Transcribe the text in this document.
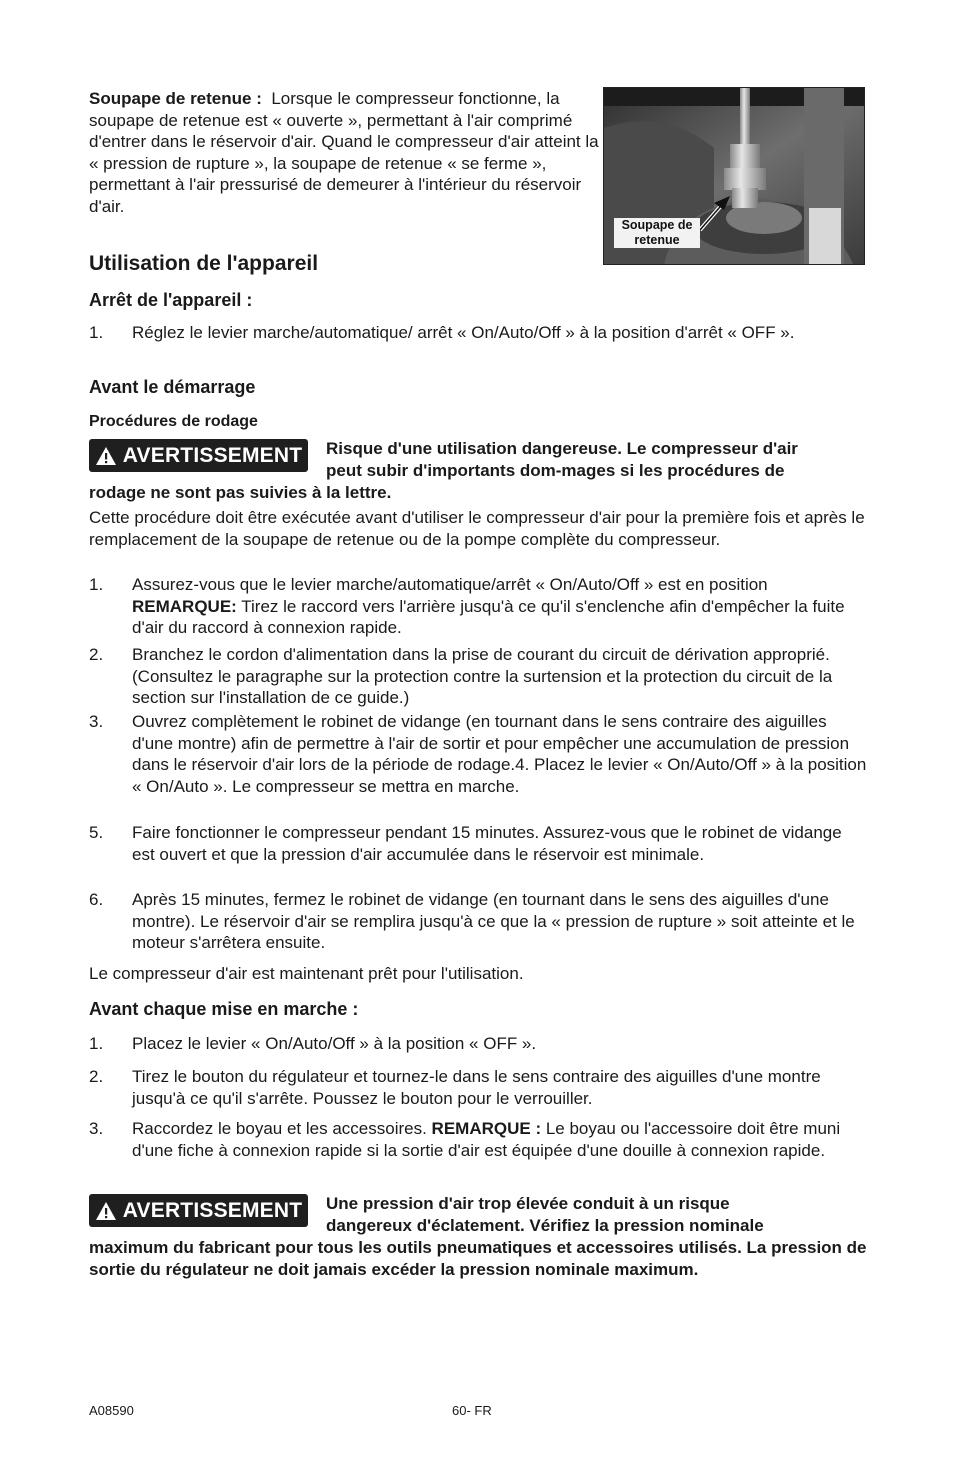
Soupape de retenue : Lorsque le compresseur fonctionne, la soupape de retenue est « ouverte », permettant à l'air comprimé d'entrer dans le réservoir d'air. Quand le compresseur d'air atteint la « pression de rupture », la soupape de retenue « se ferme », permettant à l'air pressurisé de demeurer à l'intérieur du réservoir d'air.

Soupape de retenue
Utilisation de l'appareil
Arrêt de l'appareil :
1.	Réglez le levier marche/automatique/ arrêt « On/Auto/Off » à la position d'arrêt « OFF ».

Avant le démarrage
Procédures de rodage
AVERTISSEMENT Risque d'une utilisation dangereuse. Le compresseur d'air

peut subir d'importants dom-mages si les procédures de

rodage ne sont pas suivies à la lettre.

Cette procédure doit être exécutée avant d'utiliser le compresseur d'air pour la première fois et après le remplacement de la soupape de retenue ou de la pompe complète du compresseur.

1.	Assurez-vous que le levier marche/automatique/arrêt « On/Auto/Off » est en position REMARQUE: Tirez le raccord vers l'arrière jusqu'à ce qu'il s'enclenche afin d'empêcher la fuite d'air du raccord à connexion rapide.

2.	Branchez le cordon d'alimentation dans la prise de courant du circuit de dérivation approprié. (Consultez le paragraphe sur la protection contre la surtension et la protection du circuit de la section sur l'installation de ce guide.)

3.	Ouvrez complètement le robinet de vidange (en tournant dans le sens contraire des aiguilles d'une montre) afin de permettre à l'air de sortir et pour empêcher une accumulation de pression dans le réservoir d'air lors de la période de rodage.4. Placez le levier « On/Auto/Off » à la position « On/Auto ». Le compresseur se mettra en marche.

5.	Faire fonctionner le compresseur pendant 15 minutes. Assurez-vous que le robinet de vidange est ouvert et que la pression d'air accumulée dans le réservoir est minimale.

6.	Après 15 minutes, fermez le robinet de vidange (en tournant dans le sens des aiguilles d'une montre). Le réservoir d'air se remplira jusqu'à ce que la « pression de rupture » soit atteinte et le moteur s'arrêtera ensuite.

Le compresseur d'air est maintenant prêt pour l'utilisation.

Avant chaque mise en marche :
1.	Placez le levier « On/Auto/Off » à la position « OFF ».

2.	Tirez le bouton du régulateur et tournez-le dans le sens contraire des aiguilles d'une montre jusqu'à ce qu'il s'arrête. Poussez le bouton pour le verrouiller.

3.	Raccordez le boyau et les accessoires. REMARQUE : Le boyau ou l'accessoire doit être muni d'une fiche à connexion rapide si la sortie d'air est équipée d'une douille à connexion rapide.

AVERTISSEMENT Une pression d'air trop élevée conduit à un risque

dangereux d'éclatement. Vérifiez la pression nominale

maximum du fabricant pour tous les outils pneumatiques et accessoires utilisés. La pression de sortie du régulateur ne doit jamais excéder la pression nominale maximum.

A08590	60- FR
